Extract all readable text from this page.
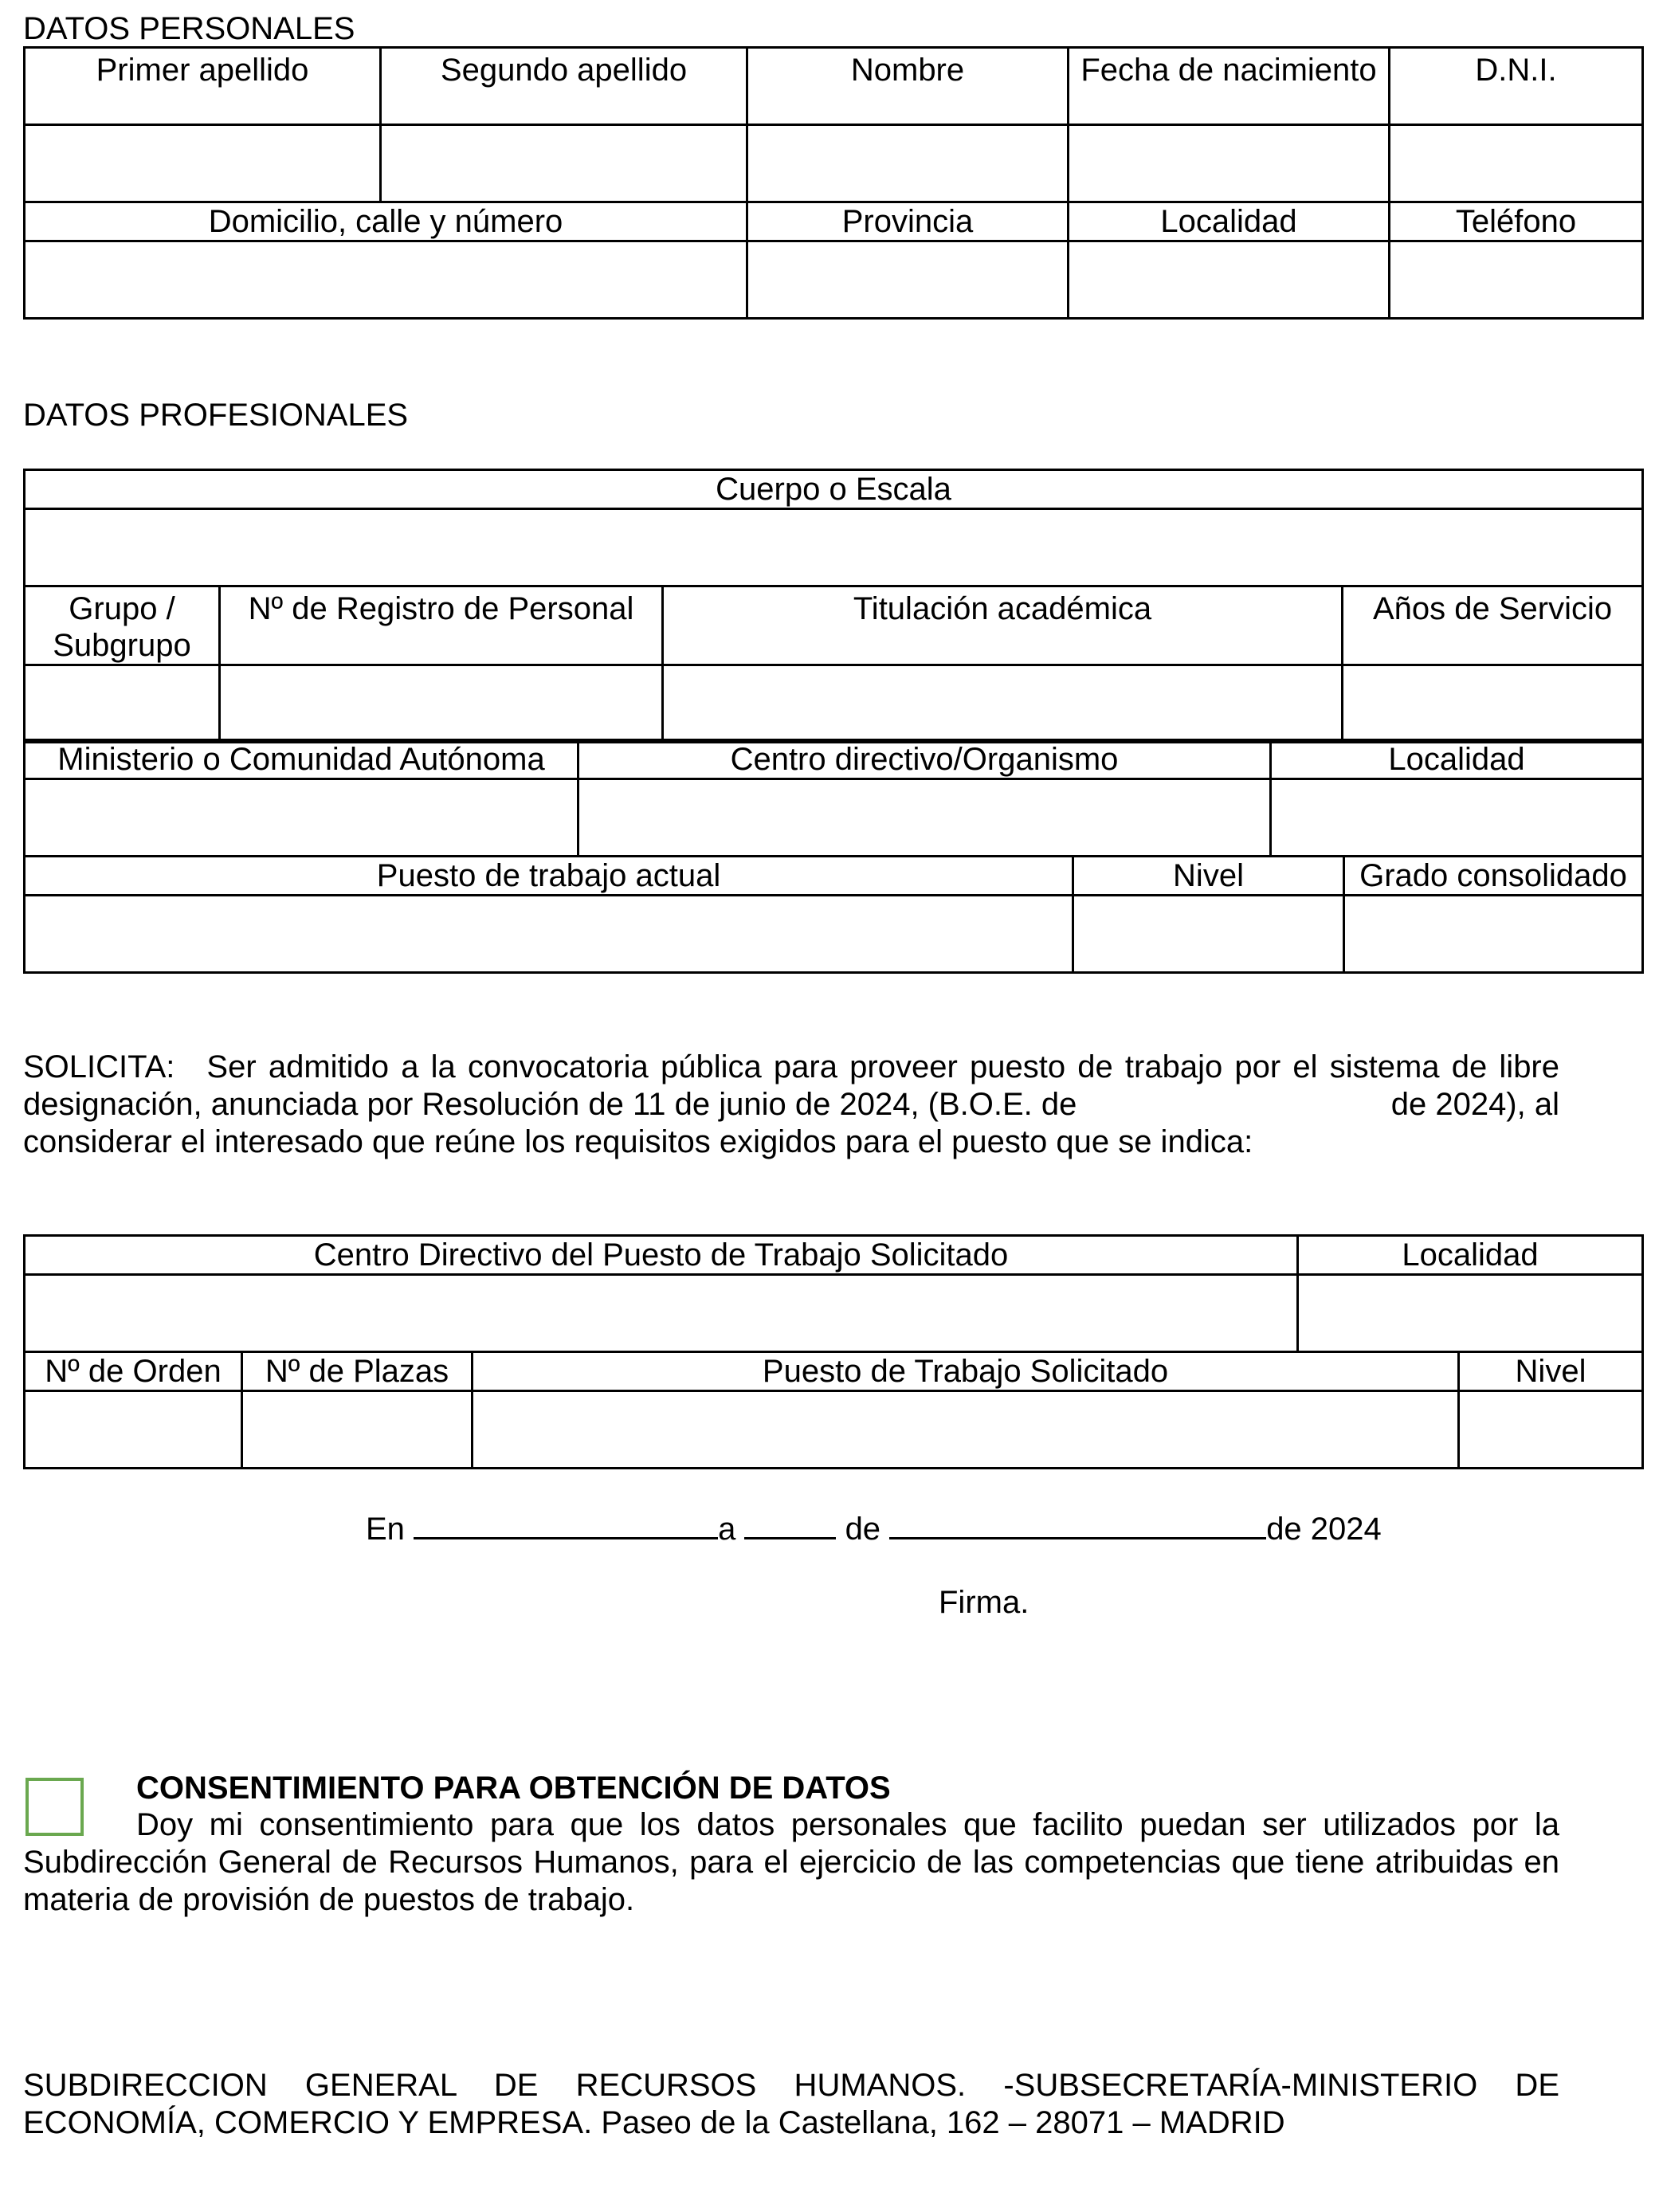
DATOS PERSONALES
Primer apellido	Segundo apellido	Nombre	Fecha de nacimiento	D.N.I.

Domicilio, calle y número		Provincia	Localidad	Teléfono

DATOS PROFESIONALES
Cuerpo o Escala			

Grupo / Subgrupo	Nº de Registro de Personal	Titulación académica	Años de Servicio

Ministerio o Comunidad Autónoma	Centro directivo/Organismo	Localidad

Puesto de trabajo actual	Nivel	Grado consolidado

SOLICITA: Ser admitido a la convocatoria pública para proveer puesto de trabajo por el sistema de libre
designación, anunciada por Resolución de 11 de junio de 2024, (B.O.E. de	de 2024), al
considerar el interesado que reúne los requisitos exigidos para el puesto que se indica:
Centro Directivo del Puesto de Trabajo Solicitado	Localidad

Nº de Orden	Nº de Plazas	Puesto de Trabajo Solicitado	Nivel

En	a	de	de 2024
Firma.
CONSENTIMIENTO PARA OBTENCIÓN DE DATOS
Doy mi consentimiento para que los datos personales que facilito puedan ser utilizados por la Subdirección General de Recursos Humanos, para el ejercicio de las competencias que tiene atribuidas en materia de provisión de puestos de trabajo.
SUBDIRECCION GENERAL DE RECURSOS HUMANOS. -SUBSECRETARÍA-MINISTERIO DE ECONOMÍA, COMERCIO Y EMPRESA. Paseo de la Castellana, 162 – 28071 – MADRID
